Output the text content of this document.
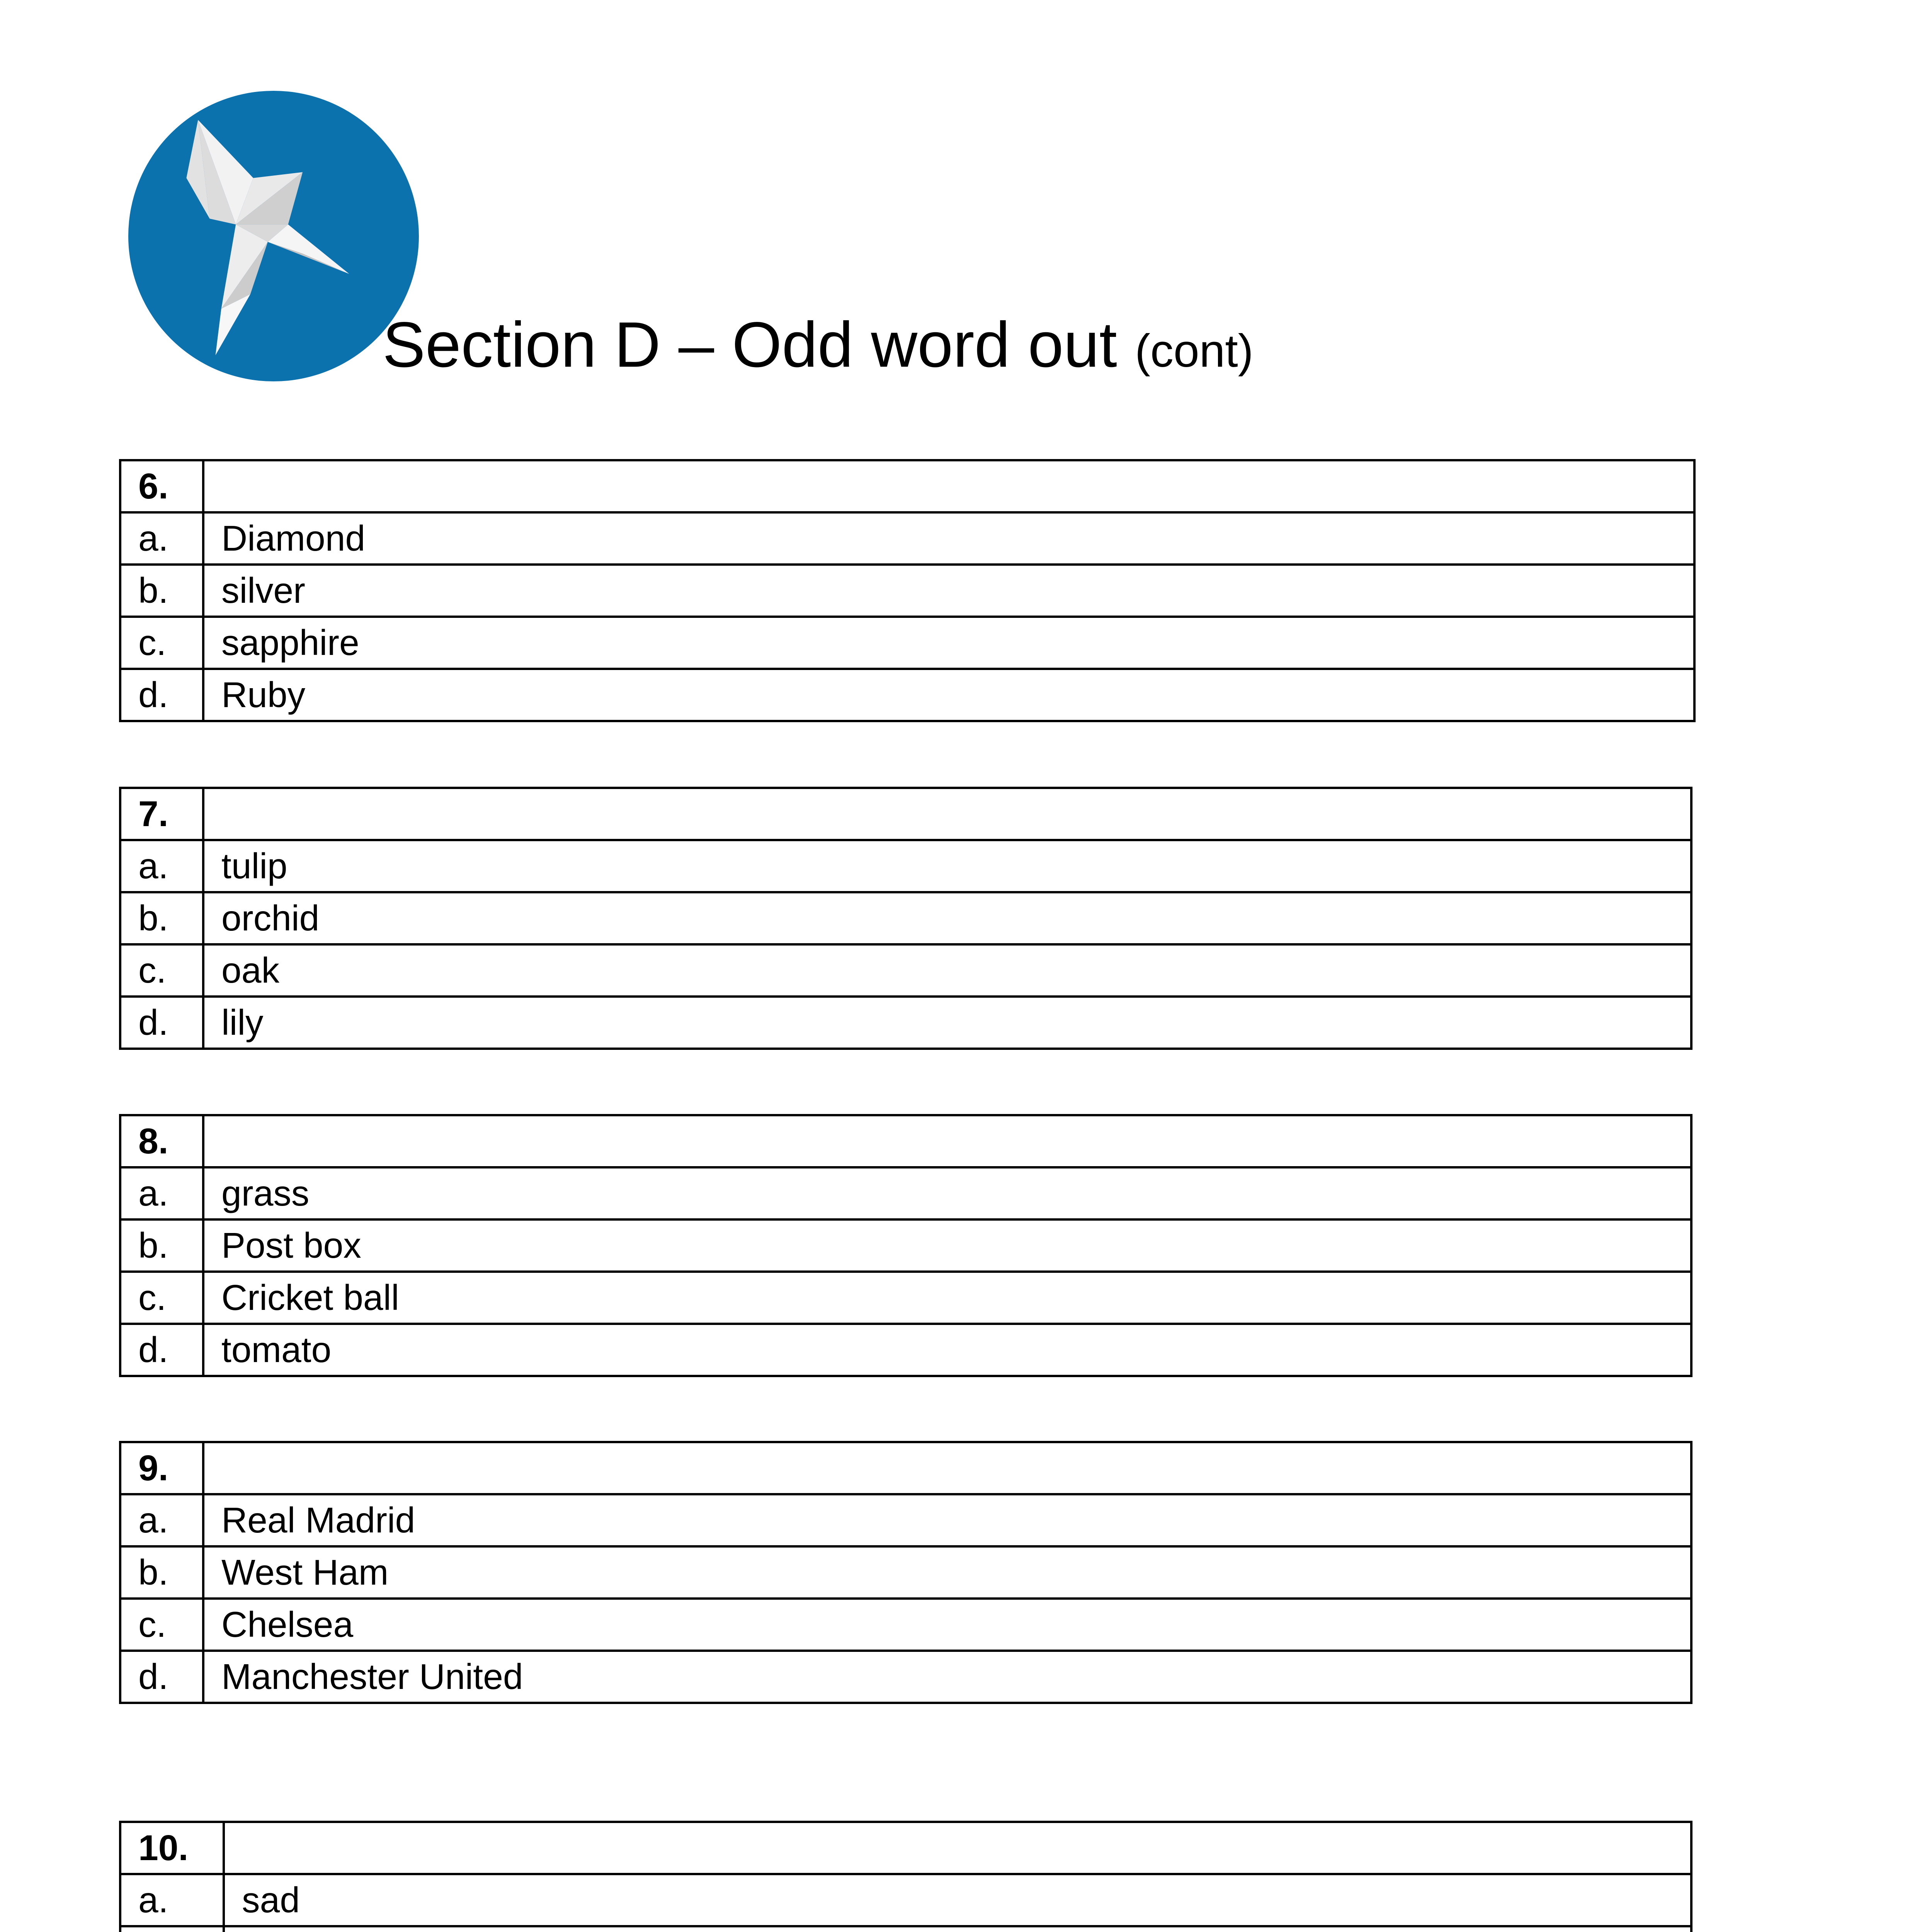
Section D – Odd word out (cont)
6.	
a.	Diamond
b.	silver
c.	sapphire
d.	Ruby
7.	
a.	tulip
b.	orchid
c.	oak
d.	lily
8.	
a.	grass
b.	Post box
c.	Cricket ball
d.	tomato
9.	
a.	Real Madrid
b.	West Ham
c.	Chelsea
d.	Manchester United
10.	
a.	sad
